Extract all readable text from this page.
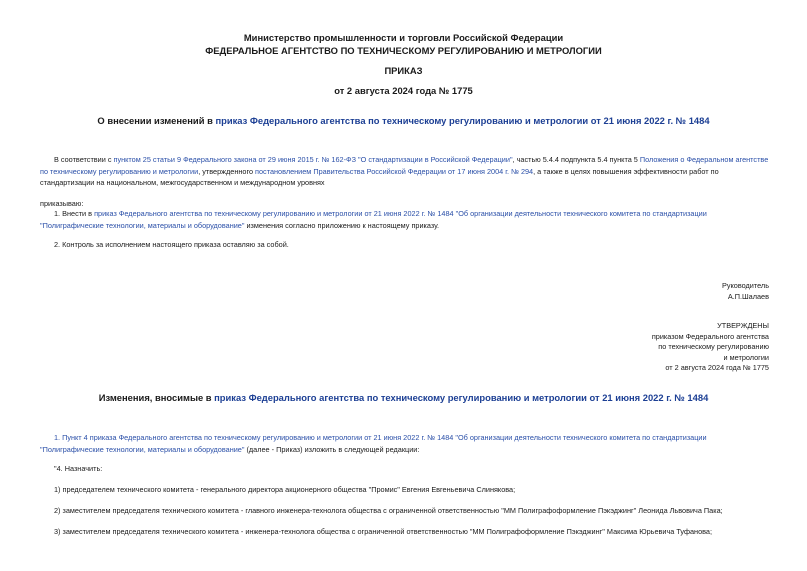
Министерство промышленности и торговли Российской Федерации
ФЕДЕРАЛЬНОЕ АГЕНТСТВО ПО ТЕХНИЧЕСКОМУ РЕГУЛИРОВАНИЮ И МЕТРОЛОГИИ
ПРИКАЗ
от 2 августа 2024 года № 1775
О внесении изменений в приказ Федерального агентства по техническому регулированию и метрологии от 21 июня 2022 г. № 1484
В соответствии с пунктом 25 статьи 9 Федерального закона от 29 июня 2015 г. № 162-ФЗ "О стандартизации в Российской Федерации", частью 5.4.4 подпункта 5.4 пункта 5 Положения о Федеральном агентстве по техническому регулированию и метрологии, утвержденного постановлением Правительства Российской Федерации от 17 июня 2004 г. № 294, а также в целях повышения эффективности работ по стандартизации на национальном, межгосударственном и международном уровнях
приказываю:
1. Внести в приказ Федерального агентства по техническому регулированию и метрологии от 21 июня 2022 г. № 1484 "Об организации деятельности технического комитета по стандартизации "Полиграфические технологии, материалы и оборудование" изменения согласно приложению к настоящему приказу.
2. Контроль за исполнением настоящего приказа оставляю за собой.
Руководитель
А.П.Шалаев
УТВЕРЖДЕНЫ
приказом Федерального агентства
по техническому регулированию
и метрологии
от 2 августа 2024 года № 1775
Изменения, вносимые в приказ Федерального агентства по техническому регулированию и метрологии от 21 июня 2022 г. № 1484
1. Пункт 4 приказа Федерального агентства по техническому регулированию и метрологии от 21 июня 2022 г. № 1484 "Об организации деятельности технического комитета по стандартизации "Полиграфические технологии, материалы и оборудование" (далее - Приказ) изложить в следующей редакции:
"4. Назначить:
1) председателем технического комитета - генерального директора акционерного общества "Промис" Евгения Евгеньевича Слинякова;
2) заместителем председателя технического комитета - главного инженера-технолога общества с ограниченной ответственностью "ММ Полиграфоформление Пэкэджинг" Леонида Львовича Пака;
3) заместителем председателя технического комитета - инженера-технолога общества с ограниченной ответственностью "ММ Полиграфоформление Пэкэджинг" Максима Юрьевича Туфанова;
